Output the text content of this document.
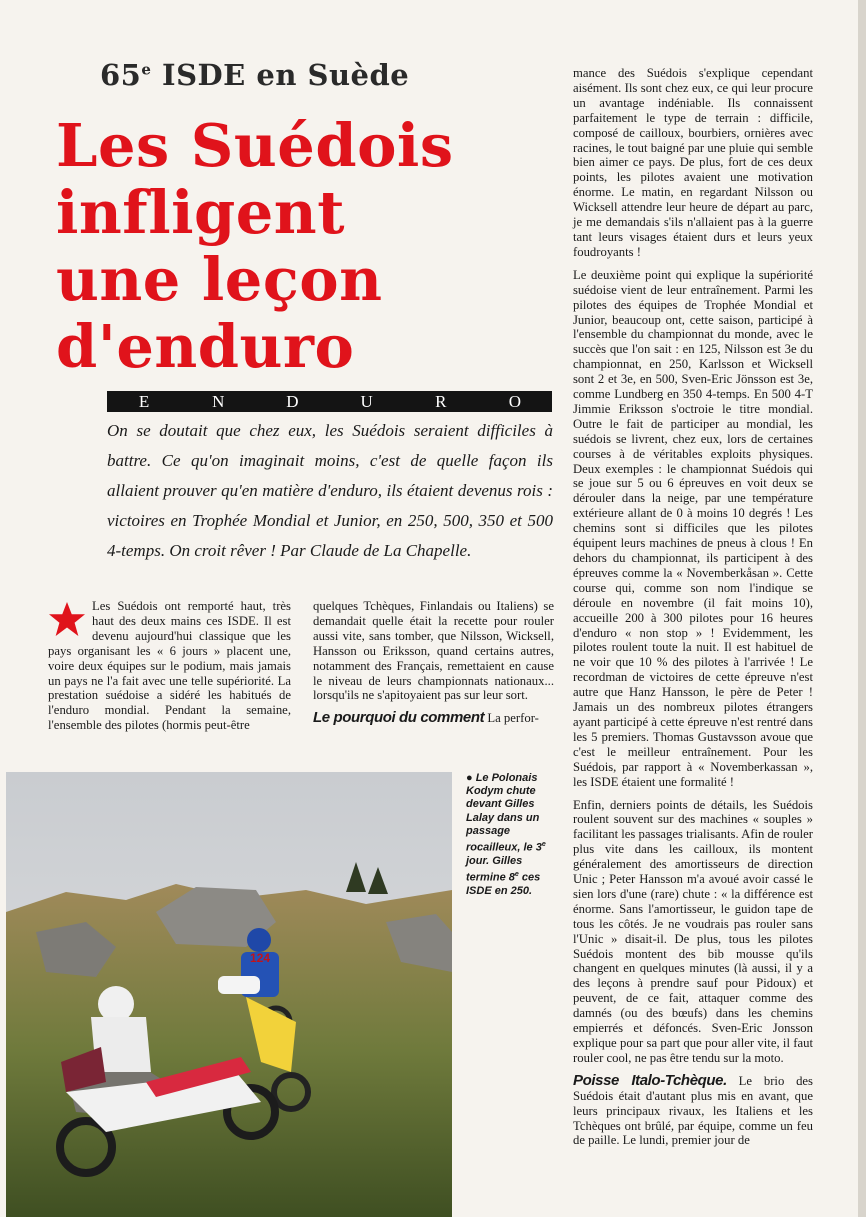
65e ISDE en Suède
Les Suédois
infligent
une leçon
d'enduro
E	N	D	U	R	O
On se doutait que chez eux, les Suédois seraient difficiles à battre. Ce qu'on imaginait moins, c'est de quelle façon ils allaient prouver qu'en matière d'enduro, ils étaient devenus rois : victoires en Trophée Mondial et Junior, en 250, 500, 350 et 500 4-temps. On croit rêver ! Par Claude de La Chapelle.

Les Suédois ont remporté haut, très haut des deux mains ces ISDE. Il est devenu aujourd'hui classique que les pays organisant les « 6 jours » placent une, voire deux équipes sur le podium, mais jamais un pays ne l'a fait avec une telle supériorité. La prestation suédoise a sidéré les habitués de l'enduro mondial. Pendant la semaine, l'ensemble des pilotes (hormis peut-être

quelques Tchèques, Finlandais ou Italiens) se demandait quelle était la recette pour rouler aussi vite, sans tomber, que Nilsson, Wicksell, Hansson ou Eriksson, quand certains autres, notamment des Français, remettaient en cause le niveau de leurs championnats nationaux... lorsqu'ils ne s'apitoyaient pas sur leur sort.

Le pourquoi du comment La perfor-

mance des Suédois s'explique cependant aisément. Ils sont chez eux, ce qui leur procure un avantage indéniable. Ils connaissent parfaitement le type de terrain : difficile, composé de cailloux, bourbiers, ornières avec racines, le tout baigné par une pluie qui semble bien aimer ce pays. De plus, fort de ces deux points, les pilotes avaient une motivation énorme. Le matin, en regardant Nilsson ou Wicksell attendre leur heure de départ au parc, je me demandais s'ils n'allaient pas à la guerre tant leurs visages étaient durs et leurs yeux foudroyants !

Le deuxième point qui explique la supériorité suédoise vient de leur entraînement. Parmi les pilotes des équipes de Trophée Mondial et Junior, beaucoup ont, cette saison, participé à l'ensemble du championnat du monde, avec le succès que l'on sait : en 125, Nilsson est 3e du championnat, en 250, Karlsson et Wicksell sont 2 et 3e, en 500, Sven-Eric Jönsson est 3e, comme Lundberg en 350 4-temps. En 500 4-T Jimmie Eriksson s'octroie le titre mondial. Outre le fait de participer au mondial, les suédois se livrent, chez eux, lors de certaines courses à de véritables exploits physiques. Deux exemples : le championnat Suédois qui se joue sur 5 ou 6 épreuves en voit deux se dérouler dans la neige, par une température extérieure allant de 0 à moins 10 degrés ! Les chemins sont si difficiles que les pilotes équipent leurs machines de pneus à clous ! En dehors du championnat, ils participent à des épreuves comme la « Novemberkåsan ». Cette course qui, comme son nom l'indique se déroule en novembre (il fait moins 10), accueille 200 à 300 pilotes pour 16 heures d'enduro « non stop » ! Evidemment, les pilotes roulent toute la nuit. Il est habituel de ne voir que 10 % des pilotes à l'arrivée ! Le recordman de victoires de cette épreuve n'est autre que Hanz Hansson, le père de Peter ! Jamais un des nombreux pilotes étrangers ayant participé à cette épreuve n'est rentré dans les 5 premiers. Thomas Gustavsson avoue que c'est le meilleur entraînement. Pour les Suédois, par rapport à « Novemberkassan », les ISDE étaient une formalité !

Enfin, derniers points de détails, les Suédois roulent souvent sur des machines « souples » facilitant les passages trialisants. Afin de rouler plus vite dans les cailloux, ils montent généralement des amortisseurs de direction Unic ; Peter Hansson m'a avoué avoir cassé le sien lors d'une (rare) chute : « la différence est énorme. Sans l'amortisseur, le guidon tape de tous les côtés. Je ne voudrais pas rouler sans l'Unic » disait-il. De plus, tous les pilotes Suédois montent des bib mousse qu'ils changent en quelques minutes (là aussi, il y a des leçons à prendre sauf pour Pidoux) et peuvent, de ce fait, attaquer comme des damnés (ou des bœufs) dans les chemins empierrés et défoncés. Sven-Eric Jonsson explique pour sa part que pour aller vite, il faut rouler cool, ne pas être tendu sur la moto.

Poisse Italo-Tchèque. Le brio des Suédois était d'autant plus mis en avant, que leurs principaux rivaux, les Italiens et les Tchèques ont brûlé, par équipe, comme un feu de paille. Le lundi, premier jour de

124
● Le Polonais Kodym chute devant Gilles Lalay dans un passage rocailleux, le 3e jour. Gilles termine 8e ces ISDE en 250.
